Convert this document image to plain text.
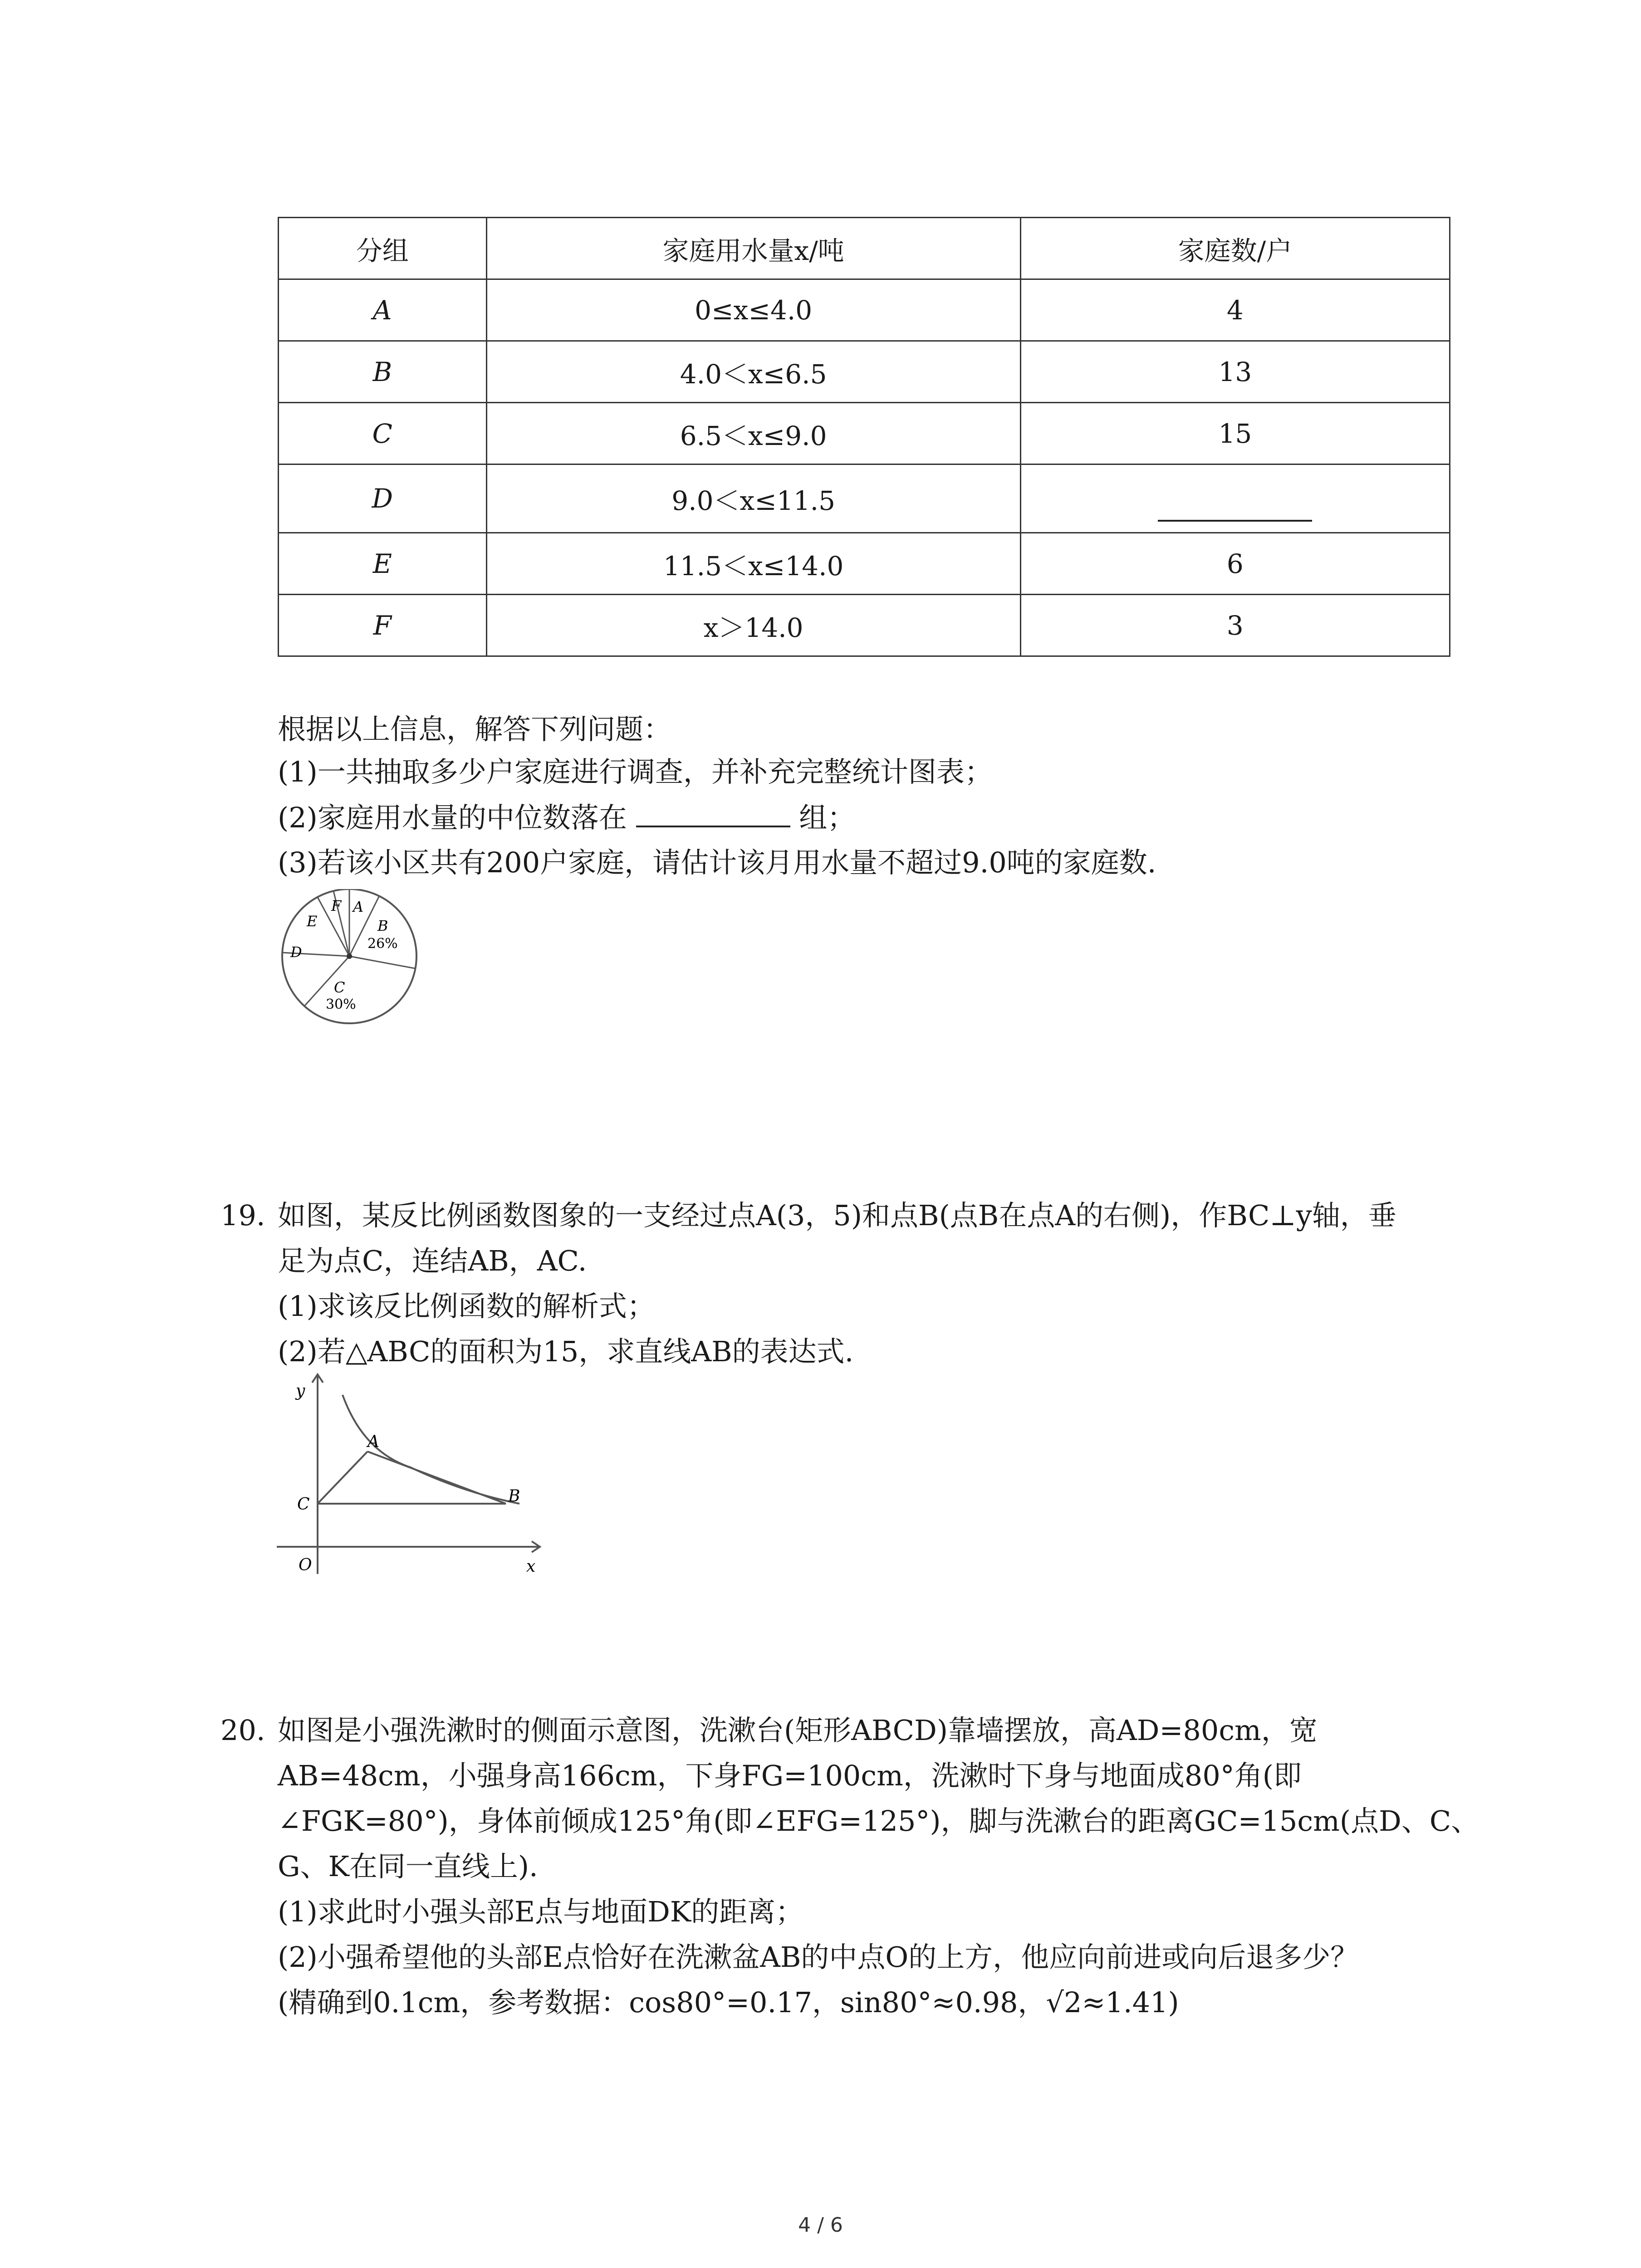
分组	家庭用水量x/吨	家庭数/户
A	0≤x≤4.0	4
B	4.0＜x≤6.5	13
C	6.5＜x≤9.0	15
D	9.0＜x≤11.5	
E	11.5＜x≤14.0	6
F	x＞14.0	3
根据以上信息，解答下列问题：
(1)一共抽取多少户家庭进行调查，并补充完整统计图表；
(2)家庭用水量的中位数落在	组；
(3)若该小区共有200户家庭，请估计该月用水量不超过9.0吨的家庭数.
F A
E
D
B
26%
C
30%
19. 如图，某反比例函数图象的一支经过点A(3，5)和点B(点B在点A的右侧)，作BC⊥y轴，垂
足为点C，连结AB，AC.
(1)求该反比例函数的解析式；
(2)若△ABC的面积为15，求直线AB的表达式.
y
x
O
A
B
C
20. 如图是小强洗漱时的侧面示意图，洗漱台(矩形ABCD)靠墙摆放，高AD=80cm，宽
AB=48cm，小强身高166cm，下身FG=100cm，洗漱时下身与地面成80°角(即
∠FGK=80°)，身体前倾成125°角(即∠EFG=125°)，脚与洗漱台的距离GC=15cm(点D、C、
G、K在同一直线上).
(1)求此时小强头部E点与地面DK的距离；
(2)小强希望他的头部E点恰好在洗漱盆AB的中点O的上方，他应向前进或向后退多少？
(精确到0.1cm，参考数据：cos80°=0.17，sin80°≈0.98，√2≈1.41)
4 / 6
